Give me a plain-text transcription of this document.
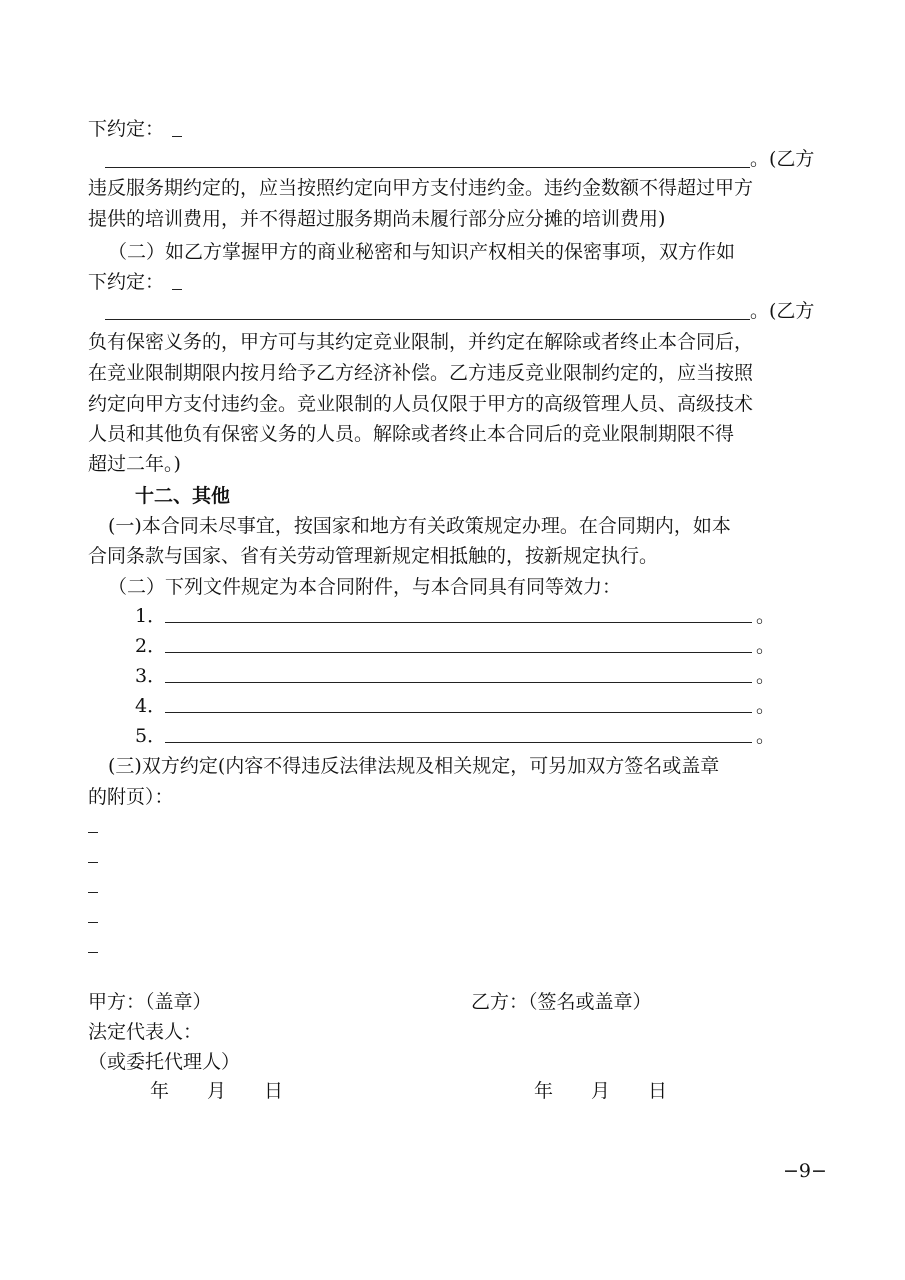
下约定：
。(乙方
违反服务期约定的，应当按照约定向甲方支付违约金。违约金数额不得超过甲方
提供的培训费用，并不得超过服务期尚未履行部分应分摊的培训费用)
（二）如乙方掌握甲方的商业秘密和与知识产权相关的保密事项，双方作如
下约定：
。(乙方
负有保密义务的，甲方可与其约定竞业限制，并约定在解除或者终止本合同后，
在竞业限制期限内按月给予乙方经济补偿。乙方违反竞业限制约定的，应当按照
约定向甲方支付违约金。竞业限制的人员仅限于甲方的高级管理人员、高级技术
人员和其他负有保密义务的人员。解除或者终止本合同后的竞业限制期限不得
超过二年。)
十二、其他
(一)本合同未尽事宜，按国家和地方有关政策规定办理。在合同期内，如本
合同条款与国家、省有关劳动管理新规定相抵触的，按新规定执行。
（二）下列文件规定为本合同附件，与本合同具有同等效力：
1．	。
2．	。
3．	。
4．	。
5．	。
(三)双方约定(内容不得违反法律法规及相关规定，可另加双方签名或盖章
的附页）：
甲方：（盖章）	乙方：（签名或盖章）
法定代表人：
（或委托代理人）
年　　月　　日	年　　月　　日
−9−
